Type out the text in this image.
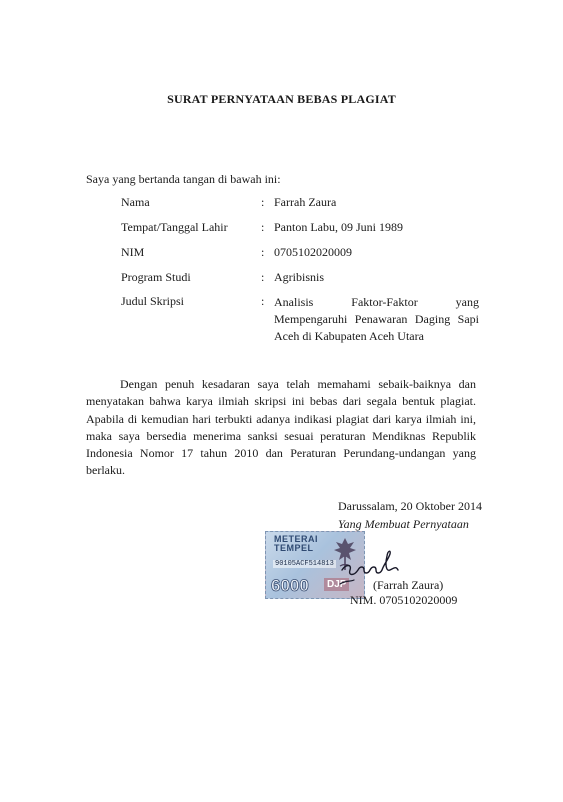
SURAT PERNYATAAN BEBAS PLAGIAT
Saya yang bertanda tangan di bawah ini:
Nama	: Farrah Zaura
Tempat/Tanggal Lahir	: Panton Labu, 09 Juni 1989
NIM	: 0705102020009
Program Studi	: Agribisnis
Judul Skripsi	: Analisis Faktor-Faktor yang Mempengaruhi Penawaran Daging Sapi Aceh di Kabupaten Aceh Utara
Dengan penuh kesadaran saya telah memahami sebaik-baiknya dan menyatakan bahwa karya ilmiah skripsi ini bebas dari segala bentuk plagiat. Apabila di kemudian hari terbukti adanya indikasi plagiat dari karya ilmiah ini, maka saya bersedia menerima sanksi sesuai peraturan Mendiknas Republik Indonesia Nomor 17 tahun 2010 dan Peraturan Perundang-undangan yang berlaku.
Darussalam, 20 Oktober 2014
Yang Membuat Pernyataan
METERAI
TEMPEL
90105ACF514813
6000	DJP (Farrah Zaura)
NIM. 0705102020009
